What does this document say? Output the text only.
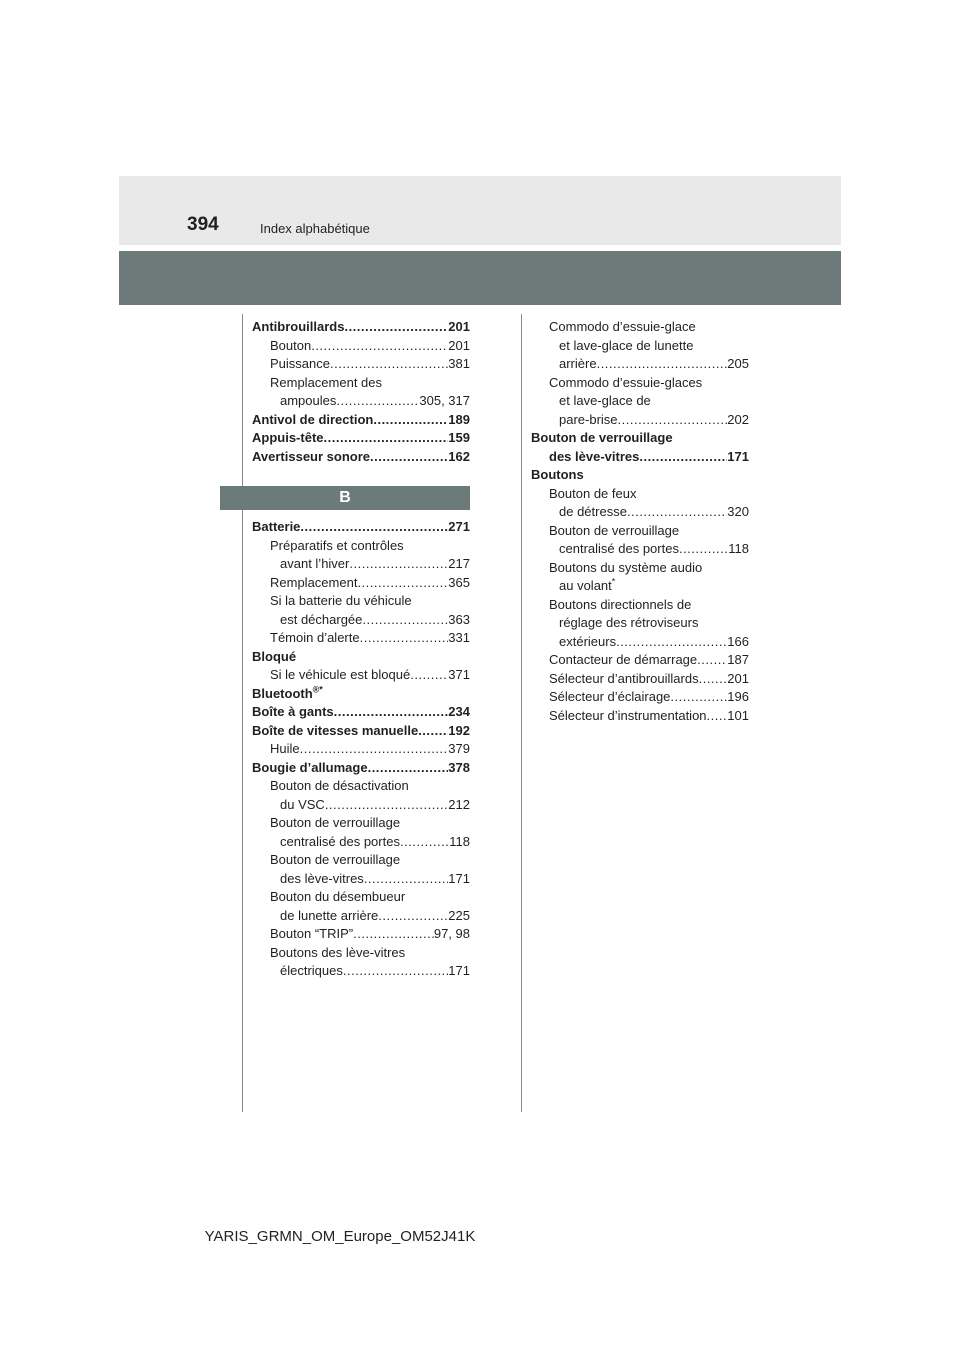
394	Index alphabétique
Antibrouillards .....	201
Bouton .....	201
Puissance .....	381
Remplacement des
ampoules .....	305, 317
Antivol de direction .....	189
Appuis-tête .....	159
Avertisseur sonore .....	162
B
Batterie .....	271
Préparatifs et contrôles
avant l’hiver .....	217
Remplacement .....	365
Si la batterie du véhicule
est déchargée .....	363
Témoin d’alerte .....	331
Bloqué
Si le véhicule est bloqué .....	371
Bluetooth®*
Boîte à gants .....	234
Boîte de vitesses manuelle ..... 192
Huile .....	379
Bougie d’allumage .....	378
Bouton de désactivation
du VSC .....	212
Bouton de verrouillage
centralisé des portes .....	118
Bouton de verrouillage
des lève-vitres .....	171
Bouton du désembueur
de lunette arrière .....	225
Bouton “TRIP” .....	97, 98
Boutons des lève-vitres
électriques .....	171
Commodo d’essuie-glace
et lave-glace de lunette
arrière .....	205
Commodo d’essuie-glaces
et lave-glace de
pare-brise .....	202
Bouton de verrouillage
des lève-vitres .....	171
Boutons
Bouton de feux
de détresse .....	320
Bouton de verrouillage
centralisé des portes .....	118
Boutons du système audio
au volant*
Boutons directionnels de
réglage des rétroviseurs
extérieurs .....	166
Contacteur de démarrage ..... 187
Sélecteur d’antibrouillards ..... 201
Sélecteur d’éclairage .....	196
Sélecteur d’instrumentation ..... 101
YARIS_GRMN_OM_Europe_OM52J41K
